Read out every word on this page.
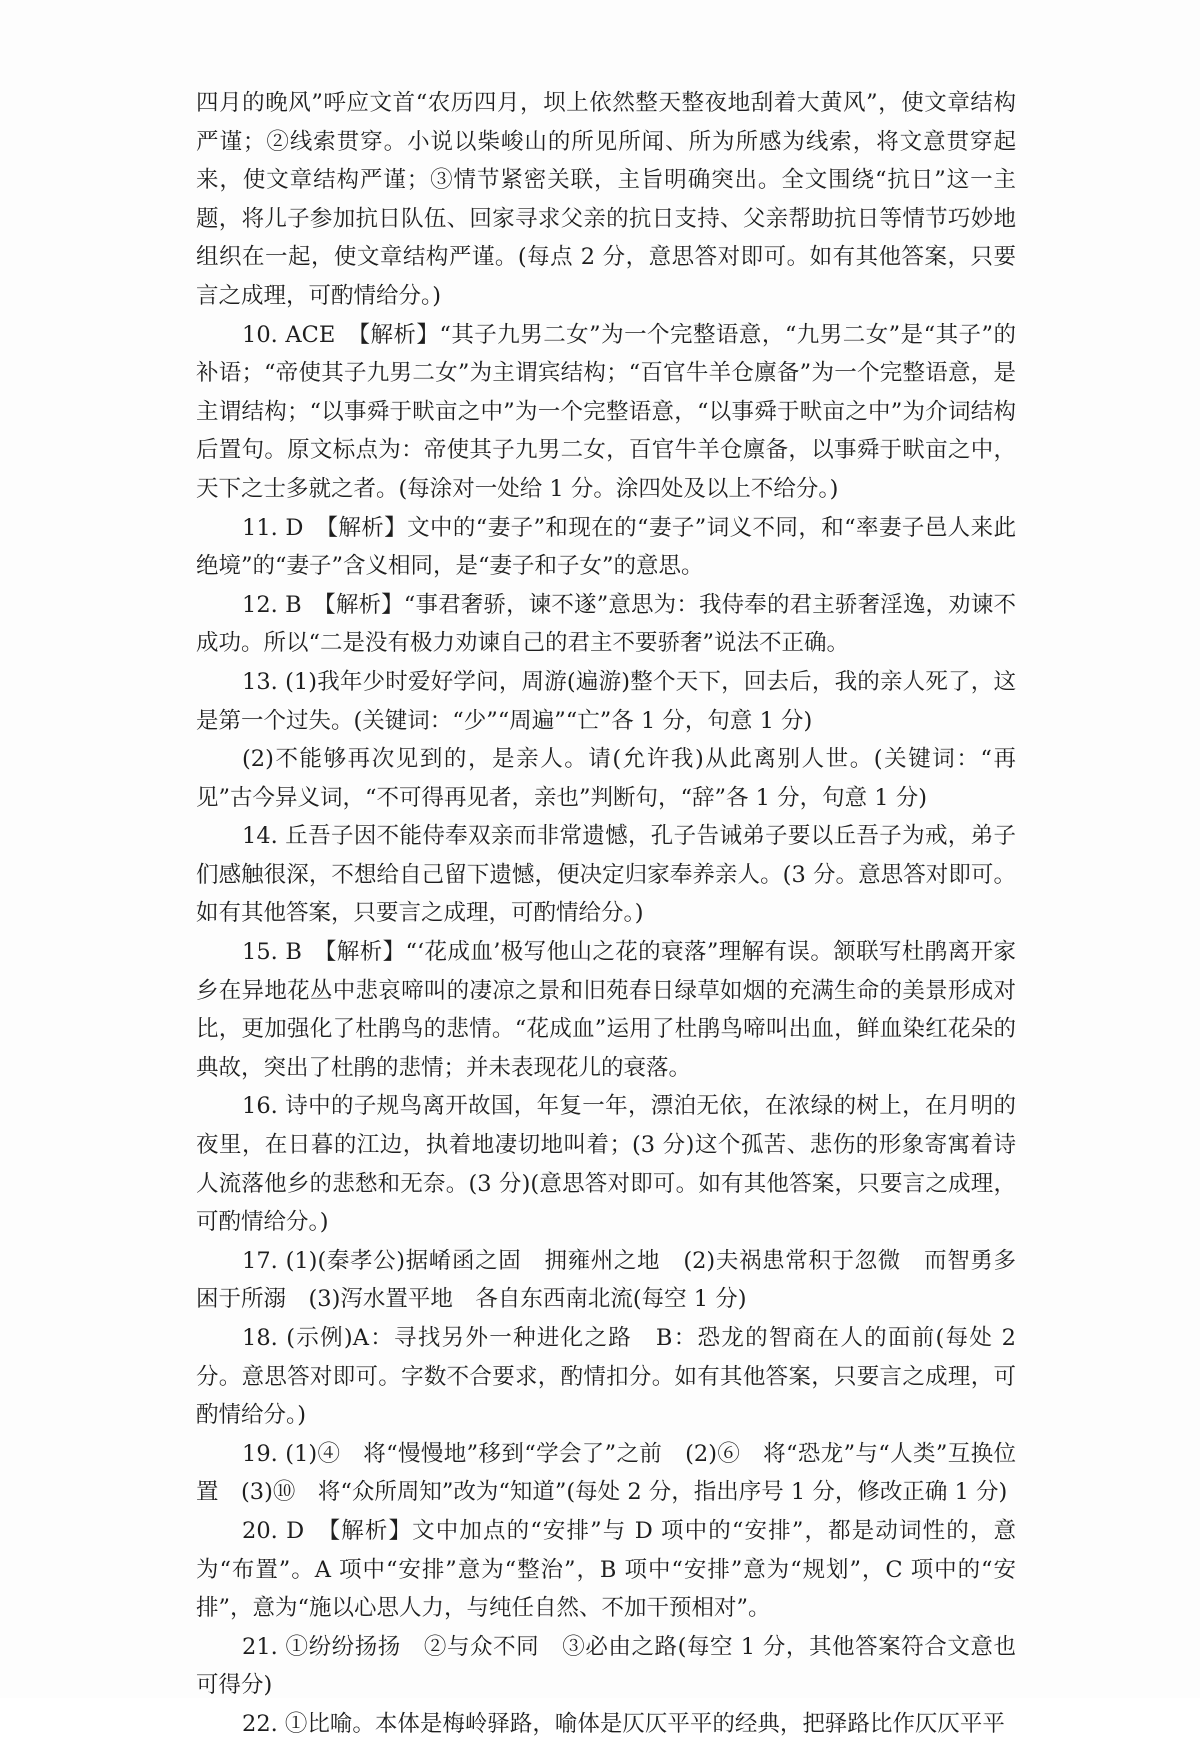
四月的晚风”呼应文首“农历四月，坝上依然整天整夜地刮着大黄风”，使文章结构严谨；②线索贯穿。小说以柴峻山的所见所闻、所为所感为线索，将文意贯穿起来，使文章结构严谨；③情节紧密关联，主旨明确突出。全文围绕“抗日”这一主题，将儿子参加抗日队伍、回家寻求父亲的抗日支持、父亲帮助抗日等情节巧妙地组织在一起，使文章结构严谨。(每点 2 分，意思答对即可。如有其他答案，只要言之成理，可酌情给分。)

10. ACE　【解析】“其子九男二女”为一个完整语意，“九男二女”是“其子”的补语；“帝使其子九男二女”为主谓宾结构；“百官牛羊仓廪备”为一个完整语意，是主谓结构；“以事舜于畎亩之中”为一个完整语意，“以事舜于畎亩之中”为介词结构后置句。原文标点为：帝使其子九男二女，百官牛羊仓廪备，以事舜于畎亩之中，天下之士多就之者。(每涂对一处给 1 分。涂四处及以上不给分。)

11. D　【解析】文中的“妻子”和现在的“妻子”词义不同，和“率妻子邑人来此绝境”的“妻子”含义相同，是“妻子和子女”的意思。

12. B　【解析】“事君奢骄，谏不遂”意思为：我侍奉的君主骄奢淫逸，劝谏不成功。所以“二是没有极力劝谏自己的君主不要骄奢”说法不正确。

13. (1)我年少时爱好学问，周游(遍游)整个天下，回去后，我的亲人死了，这是第一个过失。(关键词：“少”“周遍”“亡”各 1 分，句意 1 分)

(2)不能够再次见到的，是亲人。请(允许我)从此离别人世。(关键词：“再见”古今异义词，“不可得再见者，亲也”判断句，“辞”各 1 分，句意 1 分)

14. 丘吾子因不能侍奉双亲而非常遗憾，孔子告诫弟子要以丘吾子为戒，弟子们感触很深，不想给自己留下遗憾，便决定归家奉养亲人。(3 分。意思答对即可。如有其他答案，只要言之成理，可酌情给分。)

15. B　【解析】“‘花成血’极写他山之花的衰落”理解有误。颔联写杜鹃离开家乡在异地花丛中悲哀啼叫的凄凉之景和旧苑春日绿草如烟的充满生命的美景形成对比，更加强化了杜鹃鸟的悲情。“花成血”运用了杜鹃鸟啼叫出血，鲜血染红花朵的典故，突出了杜鹃的悲情；并未表现花儿的衰落。

16. 诗中的子规鸟离开故国，年复一年，漂泊无依，在浓绿的树上，在月明的夜里，在日暮的江边，执着地凄切地叫着；(3 分)这个孤苦、悲伤的形象寄寓着诗人流落他乡的悲愁和无奈。(3 分)(意思答对即可。如有其他答案，只要言之成理，可酌情给分。)

17. (1)(秦孝公)据崤函之固　拥雍州之地　(2)夫祸患常积于忽微　而智勇多困于所溺　(3)泻水置平地　各自东西南北流(每空 1 分)

18. (示例)A：寻找另外一种进化之路　B：恐龙的智商在人的面前(每处 2 分。意思答对即可。字数不合要求，酌情扣分。如有其他答案，只要言之成理，可酌情给分。)

19. (1)④　将“慢慢地”移到“学会了”之前　(2)⑥　将“恐龙”与“人类”互换位置　(3)⑩　将“众所周知”改为“知道”(每处 2 分，指出序号 1 分，修改正确 1 分)

20. D　【解析】文中加点的“安排”与 D 项中的“安排”，都是动词性的，意为“布置”。A 项中“安排”意为“整治”，B 项中“安排”意为“规划”，C 项中的“安排”，意为“施以心思人力，与纯任自然、不加干预相对”。

21. ①纷纷扬扬　②与众不同　③必由之路(每空 1 分，其他答案符合文意也可得分)

22. ①比喻。本体是梅岭驿路，喻体是仄仄平平的经典，把驿路比作仄仄平平
